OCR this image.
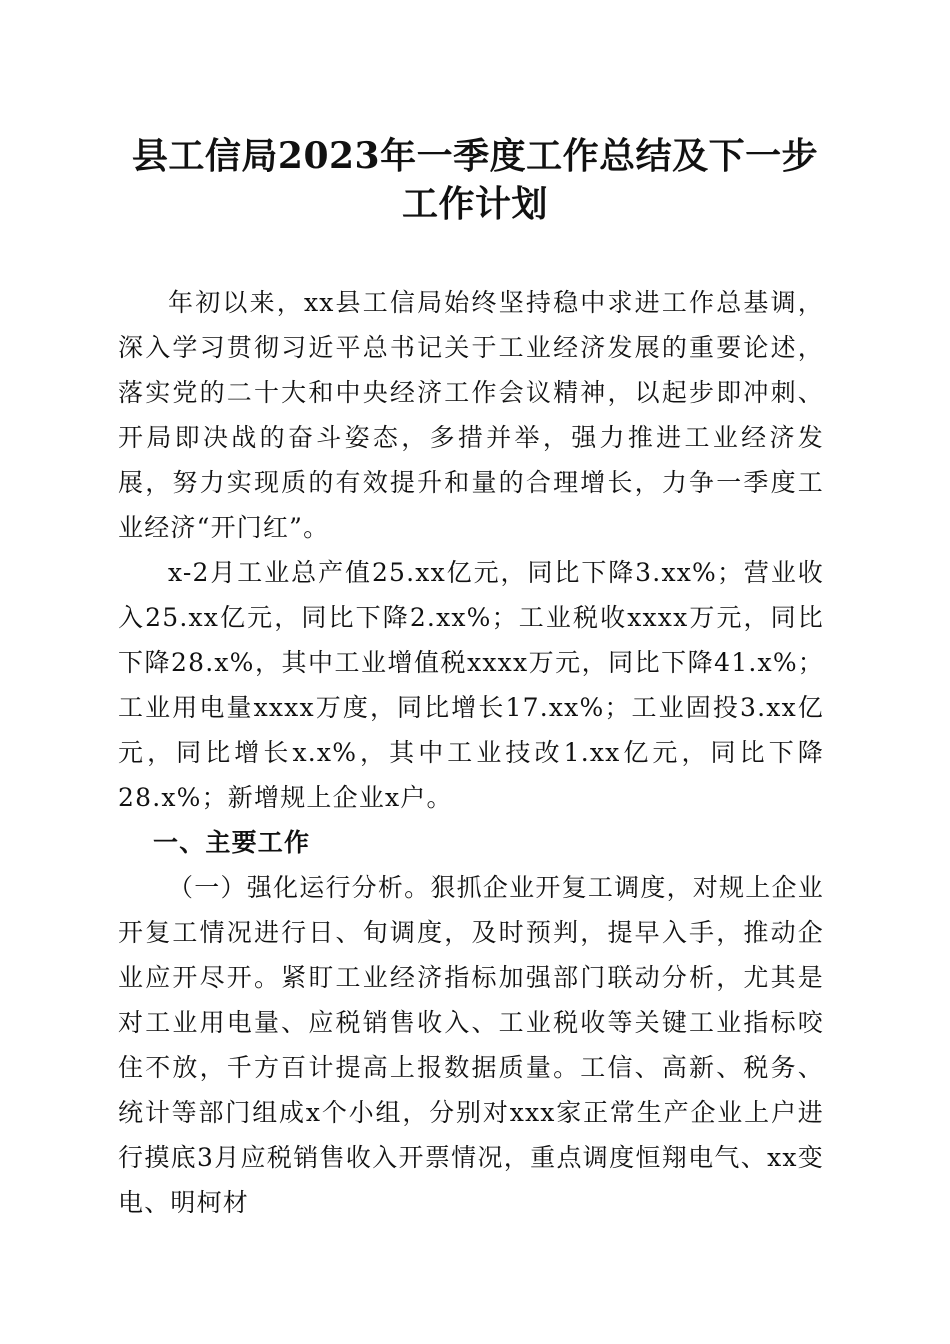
县工信局2023年一季度工作总结及下一步工作计划

年初以来，xx县工信局始终坚持稳中求进工作总基调，深入学习贯彻习近平总书记关于工业经济发展的重要论述，落实党的二十大和中央经济工作会议精神，以起步即冲刺、开局即决战的奋斗姿态，多措并举，强力推进工业经济发展，努力实现质的有效提升和量的合理增长，力争一季度工业经济“开门红”。

x-2月工业总产值25.xx亿元，同比下降3.xx%；营业收入25.xx亿元，同比下降2.xx%；工业税收xxxx万元，同比下降28.x%，其中工业增值税xxxx万元，同比下降41.x%；工业用电量xxxx万度，同比增长17.xx%；工业固投3.xx亿元，同比增长x.x%，其中工业技改1.xx亿元，同比下降28.x%；新增规上企业x户。

一、主要工作

（一）强化运行分析。狠抓企业开复工调度，对规上企业开复工情况进行日、旬调度，及时预判，提早入手，推动企业应开尽开。紧盯工业经济指标加强部门联动分析，尤其是对工业用电量、应税销售收入、工业税收等关键工业指标咬住不放，千方百计提高上报数据质量。工信、高新、税务、统计等部门组成x个小组，分别对xxx家正常生产企业上户进行摸底3月应税销售收入开票情况，重点调度恒翔电气、xx变电、明柯材
